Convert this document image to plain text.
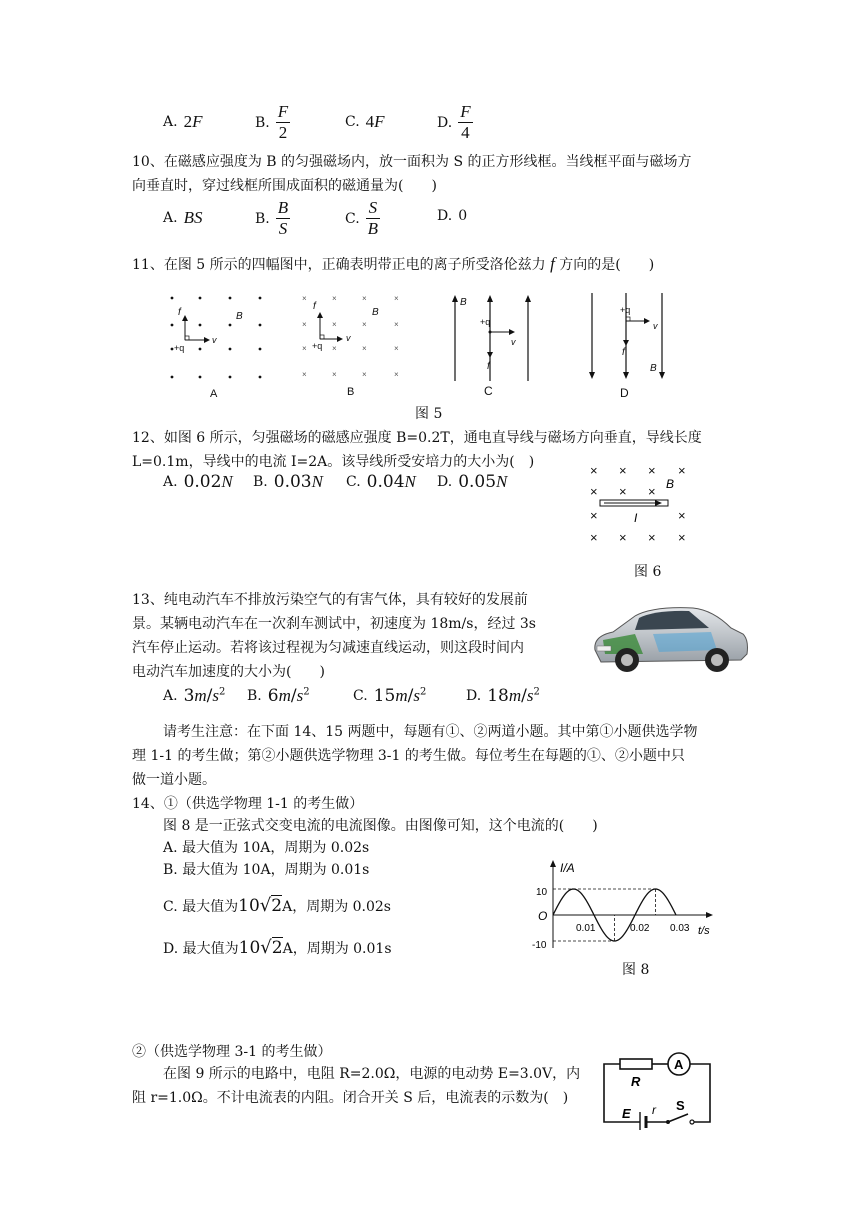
A. 2F	B. $\frac{F}{2}$	C. 4F	D. $\frac{F}{4}$
10、在磁感应强度为 B 的匀强磁场内，放一面积为 S 的正方形线框。当线框平面与磁场方
向垂直时，穿过线框所围成面积的磁通量为(　　)
A. BS	B. $\frac{B}{S}$	C. $\frac{S}{B}$	D. 0
11、在图 5 所示的四幅图中，正确表明带正电的离子所受洛伦兹力 f 方向的是(　　)
f
+q
v
B
A
×	×	×	×
×	×	×	×
×	×	×	×
×	×	×	×
f
+q
v
B
B
B
+q
v
f
C
+q
v
f
B
D
图 5
12、如图 6 所示，匀强磁场的磁感应强度 B=0.2T，通电直导线与磁场方向垂直，导线长度
L=0.1m，导线中的电流 I=2A。该导线所受安培力的大小为(　)
A. 0.02N B. 0.03N C. 0.04N D. 0.05N
× × × ×
× × ×
×	×
× × × ×
B
I
图 6
13、纯电动汽车不排放污染空气的有害气体，具有较好的发展前
景。某辆电动汽车在一次刹车测试中，初速度为 18m/s，经过 3s
汽车停止运动。若将该过程视为匀减速直线运动，则这段时间内
电动汽车加速度的大小为(　　)
A. $3m/s^2$ B. $6m/s^2$	C. $15m/s^2$	D. $18m/s^2$
请考生注意：在下面 14、15 两题中，每题有①、②两道小题。其中第①小题供选学物
理 1-1 的考生做；第②小题供选学物理 3-1 的考生做。每位考生在每题的①、②小题中只
做一道小题。
14、①（供选学物理 1-1 的考生做）
图 8 是一正弦式交变电流的电流图像。由图像可知，这个电流的(　　)
A. 最大值为 10A，周期为 0.02s
B. 最大值为 10A，周期为 0.01s
C. 最大值为10√2A，周期为 0.02s
D. 最大值为10√2A，周期为 0.01s
I/A
t/s
O
10
-10
0.01	0.02 0.03
图 8
②（供选学物理 3-1 的考生做）
在图 9 所示的电路中，电阻 R=2.0Ω，电源的电动势 E=3.0V，内
阻 r=1.0Ω。不计电流表的内阻。闭合开关 S 后，电流表的示数为(　)
A
R
E r S
